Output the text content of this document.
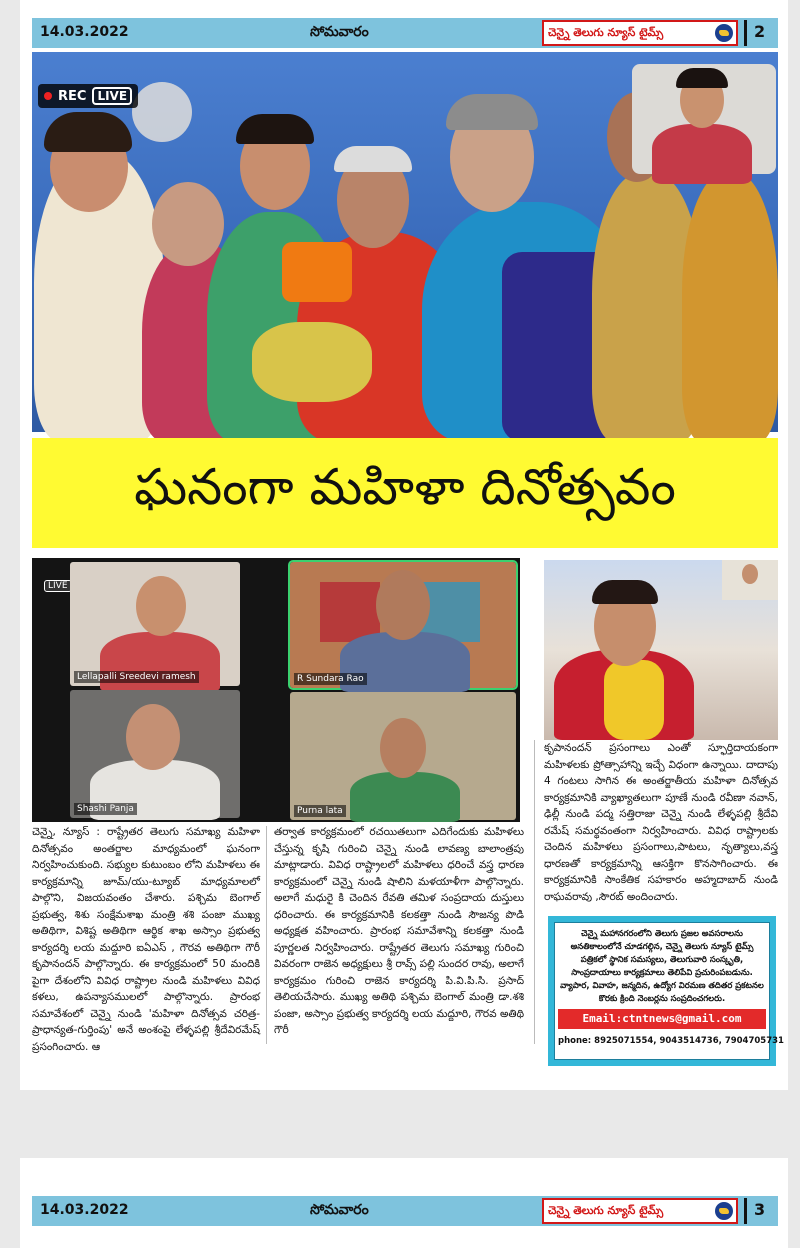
14.03.2022	సోమవారం	చెన్నై తెలుగు న్యూస్ టైమ్స్	2
REC LIVE
ఘనంగా మహిళా దినోత్సవం
LIVE
Lellapalli Sreedevi ramesh	R Sundara Rao
Shashi Panja	Purna lata
చెన్నై, న్యూస్ : రాష్ట్రేతర తెలుగు సమాఖ్య మహిళా దినోత్సవం అంతర్జాల మాధ్యమంలో ఘనంగా నిర్వహించుకుంది. సభ్యుల కుటుంబం లోని మహిళలు ఈ కార్యక్రమాన్ని జూమ్/యు-ట్యూబ్ మాధ్యమాలలో పాల్గొని, విజయవంతం చేశారు. పశ్చిమ బెంగాల్ ప్రభుత్వ, శిశు సంక్షేమశాఖ మంత్రి శశి పంజా ముఖ్య అతిథిగా, విశిష్ట అతిథిగా ఆర్థిక శాఖ అస్సాం ప్రభుత్వ కార్యదర్శి లయ మద్దూరి ఐఏఎస్ , గౌరవ అతిథిగా గౌరీ కృపానందన్ పాల్గొన్నారు. ఈ కార్యక్రమంలో 50 మందికి పైగా దేశంలోని వివిధ రాష్ట్రాల నుండి మహిళలు వివిధ కళలు, ఉపన్యాసములలో పాల్గొన్నారు. ప్రారంభ సమావేశంలో చెన్నై నుండి 'మహిళా దినోత్సవ చరిత్ర-ప్రాధాన్యత-గుర్తింపు' అనే అంశంపై లేళ్ళపల్లి శ్రీదేవిరమేష్ ప్రసంగించారు. ఆ
తర్వాత కార్యక్రమంలో రచయితలుగా ఎదిగేందుకు మహిళలు చేస్తున్న కృషి గురించి చెన్నై నుండి లావణ్య బాలాంత్రపు మాట్లాడారు. వివిధ రాష్ట్రాలలో మహిళలు ధరించే వస్త్ర ధారణ కార్యక్రమంలో చెన్నై నుండి షాలిని మళయాళీగా పాల్గొన్నారు. అలాగే మధురై కి చెందిన రేవతి తమిళ సంప్రదాయ దుస్తులు ధరించారు. ఈ కార్యక్రమానికి కలకత్తా నుండి సౌజన్య పొడి అధ్యక్షత వహించారు. ప్రారంభ సమావేశాన్ని కలకత్తా నుండి పూర్ణలత నిర్వహించారు. రాష్ట్రేతర తెలుగు సమాఖ్య గురించి వివరంగా రాజెన అధ్యక్షులు శ్రీ రావ్స్ పల్లి సుందర రావు, అలాగే కార్యక్రమం గురించి రాజెన కార్యదర్శి పి.వి.పి.సి. ప్రసాద్ తెలియచేసారు. ముఖ్య అతిథి పశ్చిమ బెంగాల్ మంత్రి డా.శశి పంజా, అస్సాం ప్రభుత్వ కార్యదర్శి లయ మద్దూరి, గౌరవ అతిథి గౌరీ
కృపానందన్ ప్రసంగాలు ఎంతో స్ఫూర్తిదాయకంగా మహిళలకు ప్రోత్సాహాన్ని ఇచ్చే విధంగా ఉన్నాయి. దాదాపు 4 గంటలు సాగిన ఈ అంతర్జాతీయ మహిళా దినోత్సవ కార్యక్రమానికి వ్యాఖ్యాతలుగా పూణే నుండి రవీణా నవాన్, ఢిల్లీ నుండి పద్మ సత్తిరాజు చెన్నై నుండి లేళ్ళపల్లి శ్రీదేవి రమేష్ సమర్థవంతంగా నిర్వహించారు. వివిధ రాష్ట్రాలకు చెందిన మహిళలు ప్రసంగాలు,పాటలు, నృత్యాలు,వస్త్ర ధారణతో కార్యక్రమాన్ని ఆసక్తిగా కొనసాగించారు. ఈ కార్యక్రమానికి సాంకేతిక సహకారం అహ్మదాబాద్ నుండి రాఘవరావు ,సౌరబ్ అందించారు.
చెన్నై మహానగరంలోని తెలుగు ప్రజల అవసరాలను అనతికాలంలోనే చూడగల్గిన, చెన్నై తెలుగు న్యూస్ టైమ్స్ పత్రికలో స్థానిక సమస్యలు, తెలుగువారి సంస్కృతి, సాంప్రదాయాలు కార్యక్రమాలు తెలిపేవి ప్రచురింపబడును. వ్యాపార, వివాహ, జన్మదిన, ఉద్యోగ విరమణ తదితర ప్రకటనల కొరకు క్రింది నెంబర్లను సంప్రదించగలరు.
Email:ctntnews@gmail.com
phone: 8925071554, 9043514736, 7904705731
14.03.2022	సోమవారం	చెన్నై తెలుగు న్యూస్ టైమ్స్	3
